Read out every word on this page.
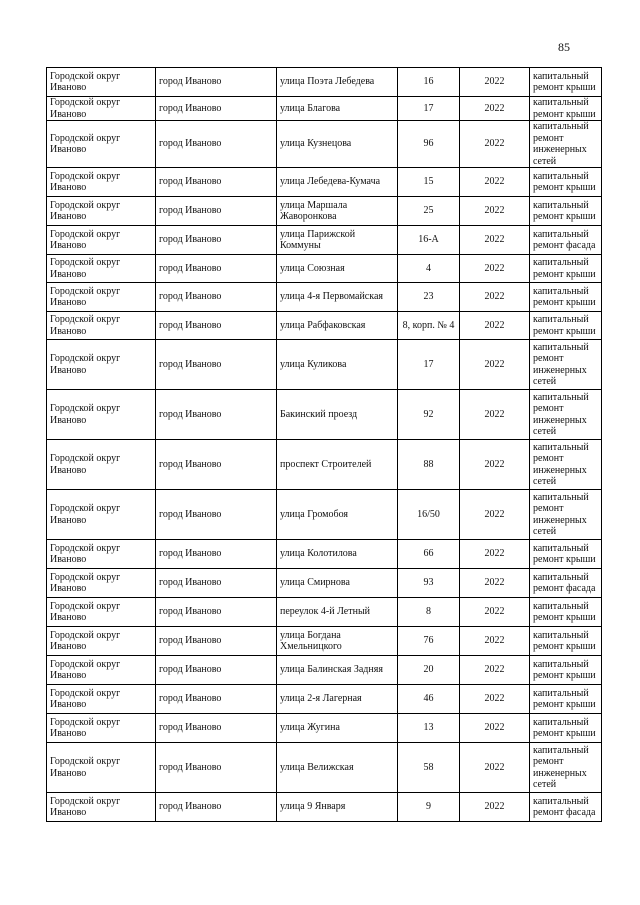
85
Городской округ Иваново	город Иваново	улица Поэта Лебедева	16	2022	капитальный ремонт крыши
Городской округ Иваново	город Иваново	улица Благова	17	2022	капитальный ремонт крыши
Городской округ Иваново	город Иваново	улица Кузнецова	96	2022	капитальный ремонт инженерных сетей
Городской округ Иваново	город Иваново	улица Лебедева-Кумача	15	2022	капитальный ремонт крыши
Городской округ Иваново	город Иваново	улица Маршала Жаворонкова	25	2022	капитальный ремонт крыши
Городской округ Иваново	город Иваново	улица Парижской Коммуны	16-А	2022	капитальный ремонт фасада
Городской округ Иваново	город Иваново	улица Союзная	4	2022	капитальный ремонт крыши
Городской округ Иваново	город Иваново	улица 4-я Первомайская	23	2022	капитальный ремонт крыши
Городской округ Иваново	город Иваново	улица Рабфаковская	8, корп. № 4	2022	капитальный ремонт крыши
Городской округ Иваново	город Иваново	улица Куликова	17	2022	капитальный ремонт инженерных сетей
Городской округ Иваново	город Иваново	Бакинский проезд	92	2022	капитальный ремонт инженерных сетей
Городской округ Иваново	город Иваново	проспект Строителей	88	2022	капитальный ремонт инженерных сетей
Городской округ Иваново	город Иваново	улица Громобоя	16/50	2022	капитальный ремонт инженерных сетей
Городской округ Иваново	город Иваново	улица Колотилова	66	2022	капитальный ремонт крыши
Городской округ Иваново	город Иваново	улица Смирнова	93	2022	капитальный ремонт фасада
Городской округ Иваново	город Иваново	переулок 4-й Летный	8	2022	капитальный ремонт крыши
Городской округ Иваново	город Иваново	улица Богдана Хмельницкого	76	2022	капитальный ремонт крыши
Городской округ Иваново	город Иваново	улица Балинская Задняя	20	2022	капитальный ремонт крыши
Городской округ Иваново	город Иваново	улица 2-я Лагерная	46	2022	капитальный ремонт крыши
Городской округ Иваново	город Иваново	улица Жугина	13	2022	капитальный ремонт крыши
Городской округ Иваново	город Иваново	улица Велижская	58	2022	капитальный ремонт инженерных сетей
Городской округ Иваново	город Иваново	улица 9 Января	9	2022	капитальный ремонт фасада
